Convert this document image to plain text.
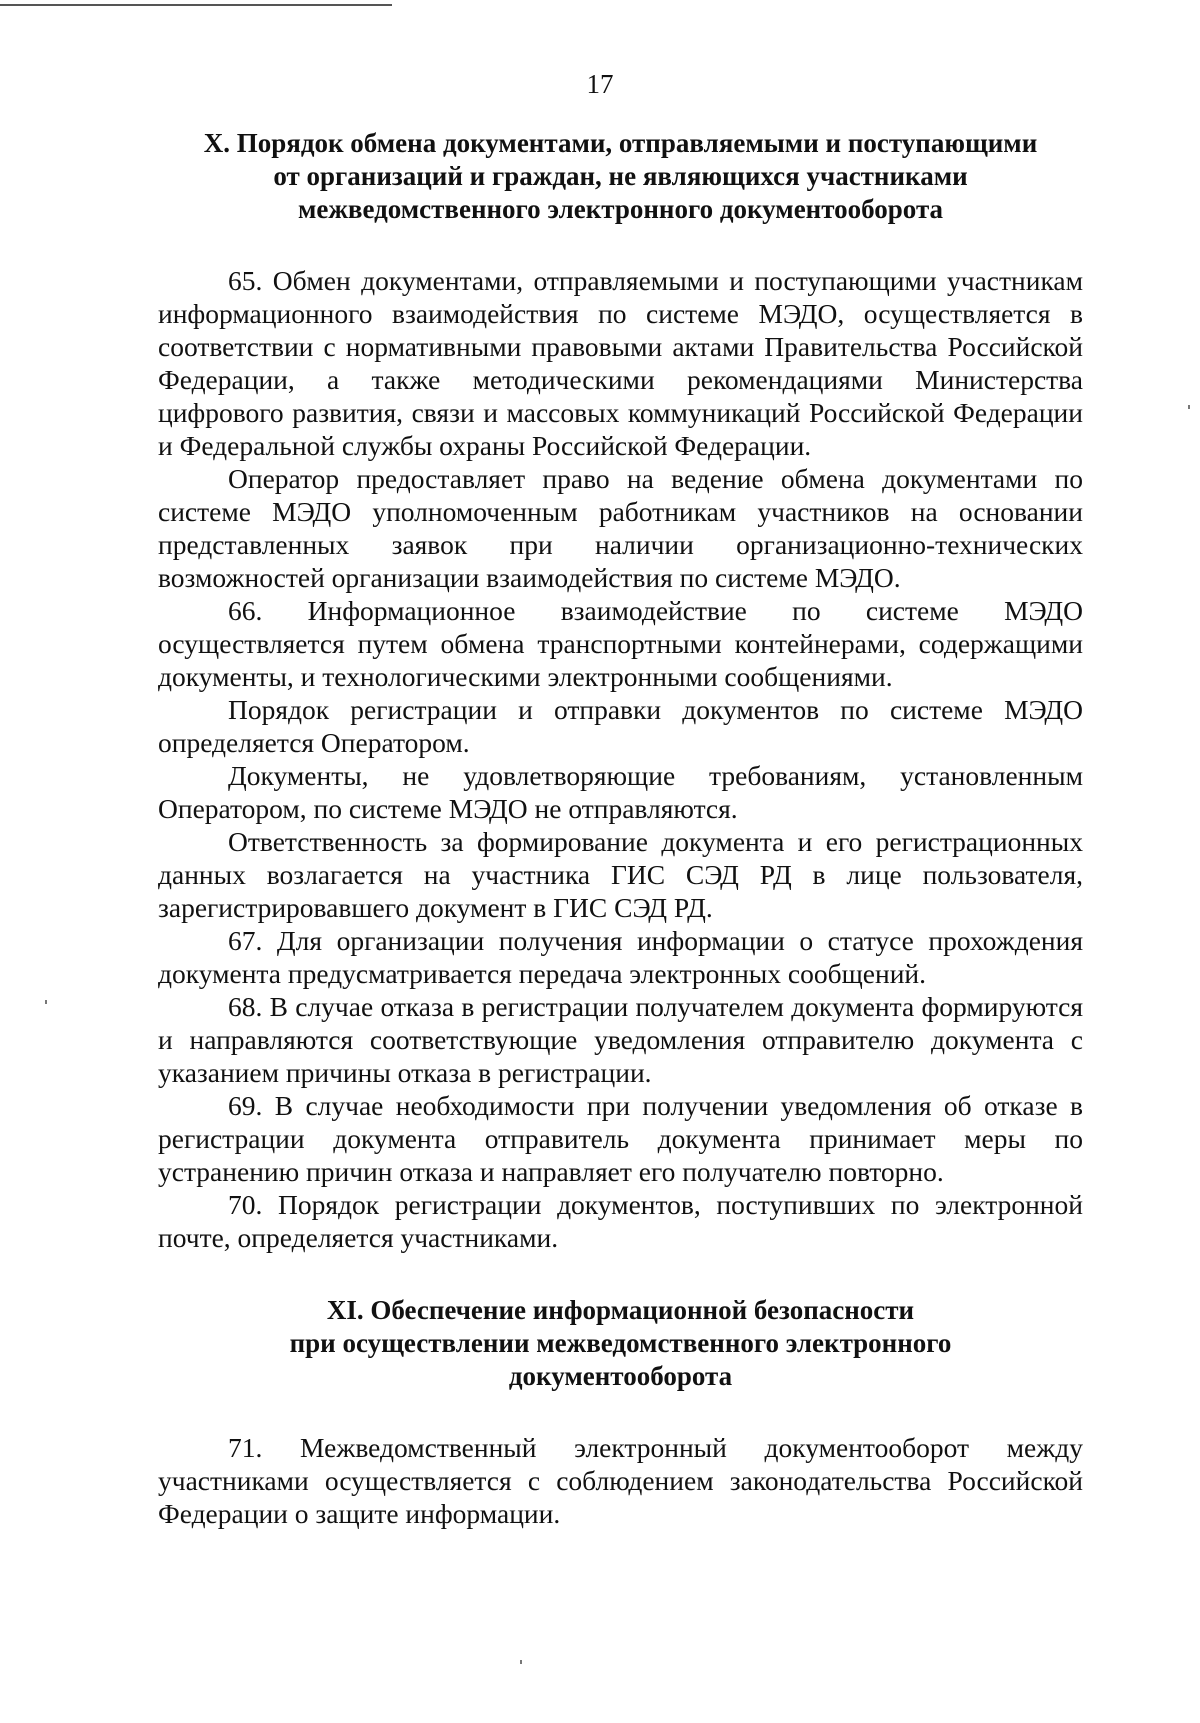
17
X. Порядок обмена документами, отправляемыми и поступающими
от организаций и граждан, не являющихся участниками
межведомственного электронного документооборота

65. Обмен документами, отправляемыми и поступающими участникам информационного взаимодействия по системе МЭДО, осуществляется в соответствии с нормативными правовыми актами Правительства Российской Федерации, а также методическими рекомендациями Министерства цифрового развития, связи и массовых коммуникаций Российской Федерации и Федеральной службы охраны Российской Федерации.

Оператор предоставляет право на ведение обмена документами по системе МЭДО уполномоченным работникам участников на основании представленных заявок при наличии организационно-технических возможностей организации взаимодействия по системе МЭДО.

66. Информационное взаимодействие по системе МЭДО осуществляется путем обмена транспортными контейнерами, содержащими документы, и технологическими электронными сообщениями.

Порядок регистрации и отправки документов по системе МЭДО определяется Оператором.

Документы, не удовлетворяющие требованиям, установленным Оператором, по системе МЭДО не отправляются.

Ответственность за формирование документа и его регистрационных данных возлагается на участника ГИС СЭД РД в лице пользователя, зарегистрировавшего документ в ГИС СЭД РД.

67. Для организации получения информации о статусе прохождения документа предусматривается передача электронных сообщений.

68. В случае отказа в регистрации получателем документа формируются и направляются соответствующие уведомления отправителю документа с указанием причины отказа в регистрации.

69. В случае необходимости при получении уведомления об отказе в регистрации документа отправитель документа принимает меры по устранению причин отказа и направляет его получателю повторно.

70. Порядок регистрации документов, поступивших по электронной почте, определяется участниками.

XI. Обеспечение информационной безопасности
при осуществлении межведомственного электронного
документооборота

71. Межведомственный электронный документооборот между участниками осуществляется с соблюдением законодательства Российской Федерации о защите информации.
